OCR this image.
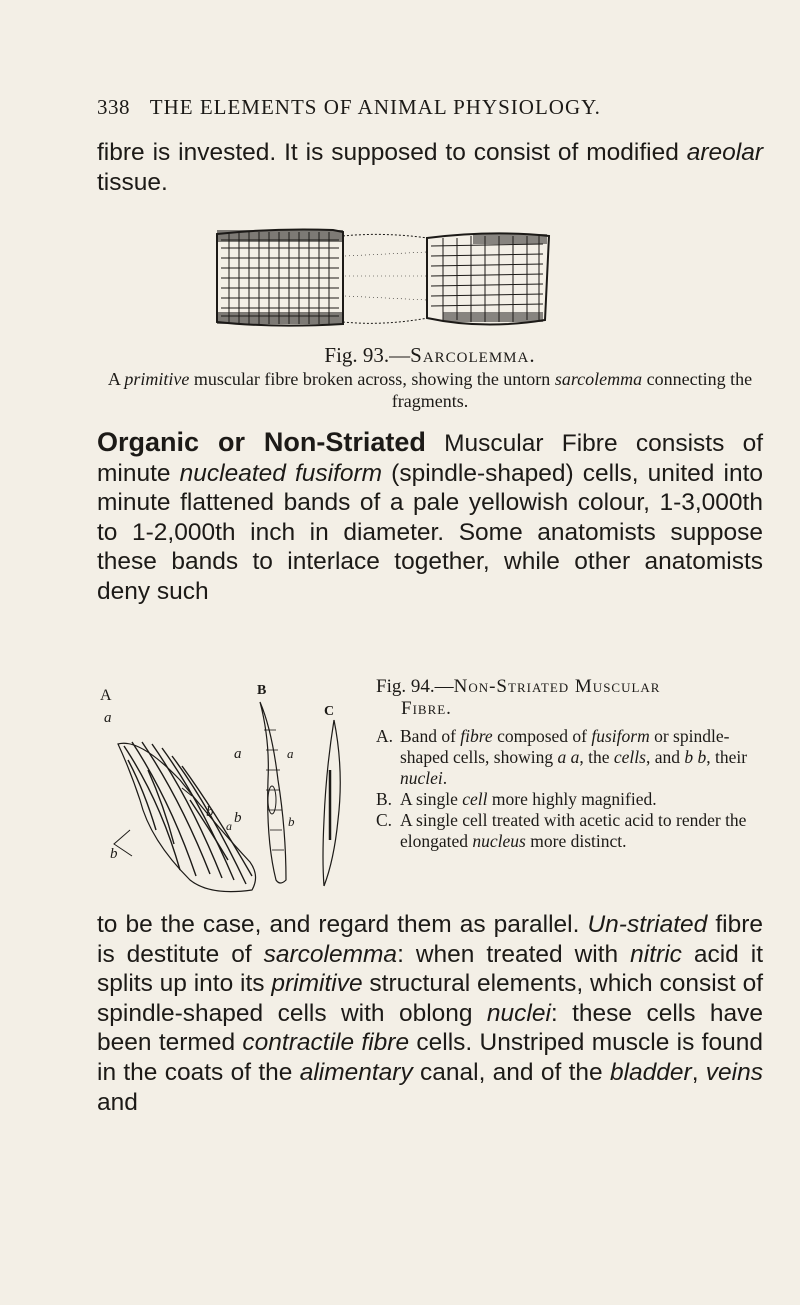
338 THE ELEMENTS OF ANIMAL PHYSIOLOGY.
fibre is invested. It is supposed to consist of modified areolar tissue.
Fig. 93.—Sarcolemma.
A primitive muscular fibre broken across, showing the untorn sarcolemma connecting the fragments.
Organic or Non-Striated Muscular Fibre consists of minute nucleated fusiform (spindle-shaped) cells, united into minute flattened bands of a pale yellowish colour, 1-3,000th to 1-2,000th inch in diameter. Some anatomists suppose these bands to interlace together, while other anatomists deny such
A
a
B
C
a	a
b b	b
a
b
Fig. 94.—Non-Striated Muscular
Fibre.
A. Band of fibre composed of fusiform or spindle-shaped cells, showing a a, the cells, and b b, their nuclei.
B. A single cell more highly magnified.
C. A single cell treated with acetic acid to render the elongated nucleus more distinct.
to be the case, and regard them as parallel. Un-striated fibre is destitute of sarcolemma: when treated with nitric acid it splits up into its primitive structural elements, which consist of spindle-shaped cells with oblong nuclei: these cells have been termed contractile fibre cells. Unstriped muscle is found in the coats of the alimentary canal, and of the bladder, veins and
